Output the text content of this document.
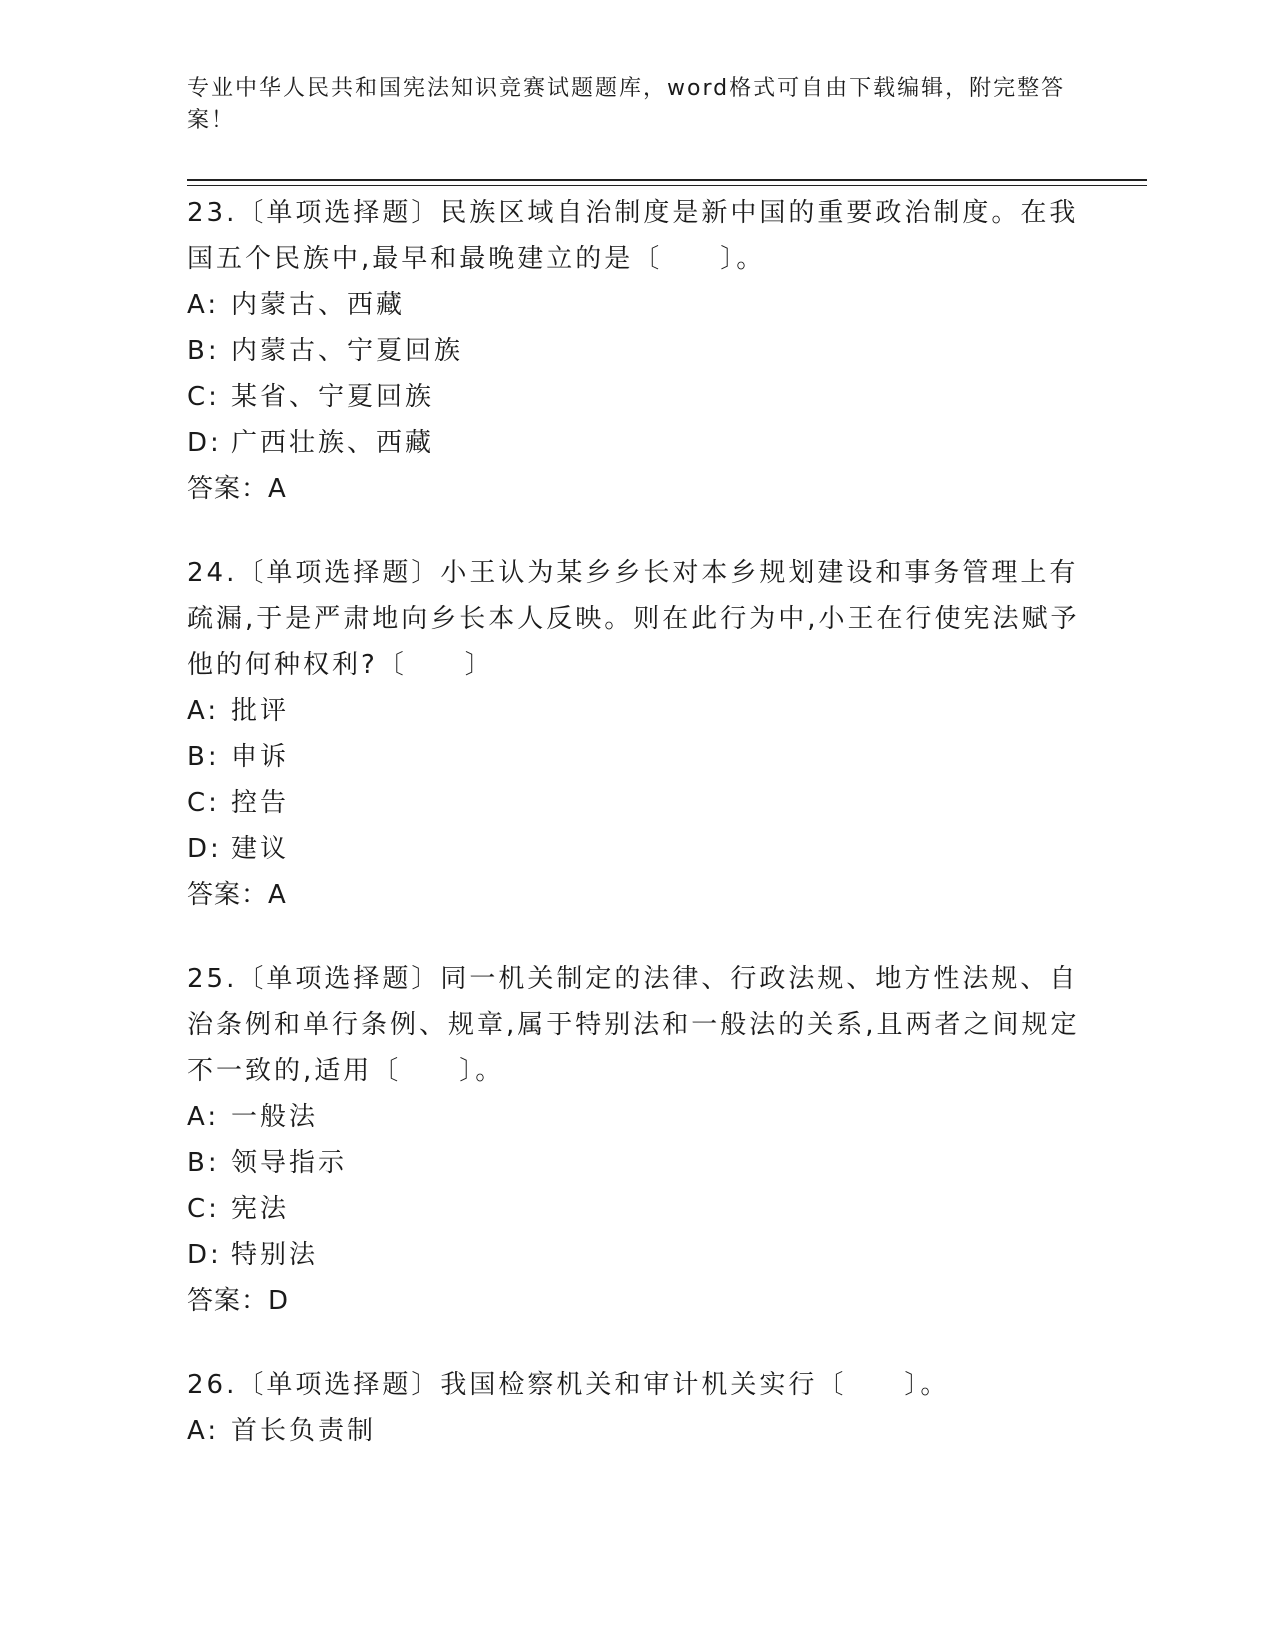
专业中华人民共和国宪法知识竞赛试题题库，word格式可自由下载编辑，附完整答案！

23.〔单项选择题〕民族区域自治制度是新中国的重要政治制度。在我国五个民族中,最早和最晚建立的是〔　　〕。

A: 内蒙古、西藏

B: 内蒙古、宁夏回族

C: 某省、宁夏回族

D: 广西壮族、西藏

答案：A

24.〔单项选择题〕小王认为某乡乡长对本乡规划建设和事务管理上有疏漏,于是严肃地向乡长本人反映。则在此行为中,小王在行使宪法赋予他的何种权利?〔　　〕

A: 批评

B: 申诉

C: 控告

D: 建议

答案：A

25.〔单项选择题〕同一机关制定的法律、行政法规、地方性法规、自治条例和单行条例、规章,属于特别法和一般法的关系,且两者之间规定不一致的,适用〔　　〕。

A: 一般法

B: 领导指示

C: 宪法

D: 特别法

答案：D

26.〔单项选择题〕我国检察机关和审计机关实行〔　　〕。

A: 首长负责制
